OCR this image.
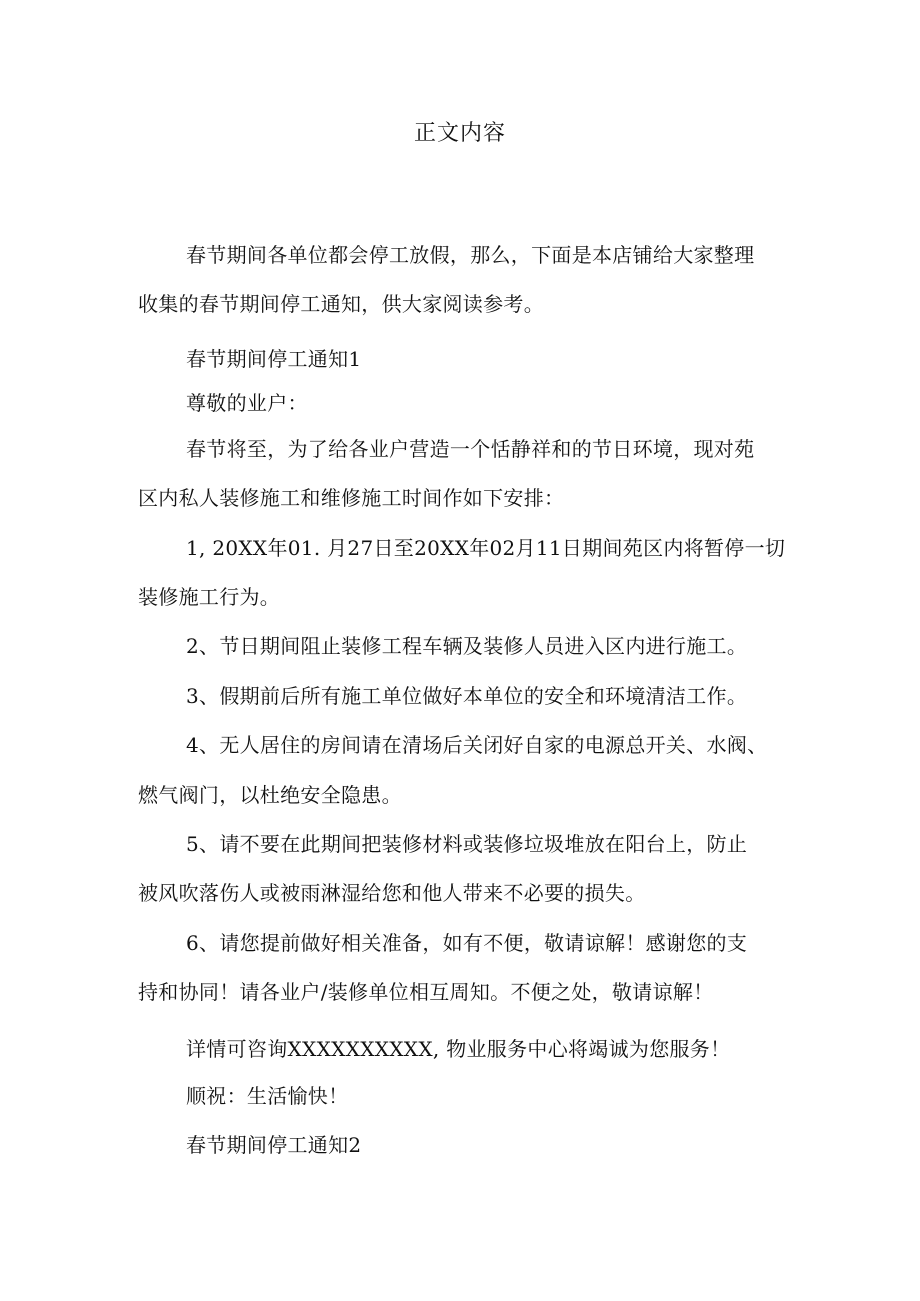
正文内容
春节期间各单位都会停工放假，那么，下面是本店铺给大家整理
收集的春节期间停工通知，供大家阅读参考。
春节期间停工通知1
尊敬的业户：
春节将至，为了给各业户营造一个恬静祥和的节日环境，现对苑
区内私人装修施工和维修施工时间作如下安排：
1, 20XX年01. 月27日至20XX年02月11日期间苑区内将暂停一切
装修施工行为。
2、节日期间阻止装修工程车辆及装修人员进入区内进行施工。
3、假期前后所有施工单位做好本单位的安全和环境清洁工作。
4、无人居住的房间请在清场后关闭好自家的电源总开关、水阀、
燃气阀门，以杜绝安全隐患。
5、请不要在此期间把装修材料或装修垃圾堆放在阳台上，防止
被风吹落伤人或被雨淋湿给您和他人带来不必要的损失。
6、请您提前做好相关准备，如有不便，敬请谅解！感谢您的支
持和协同！请各业户/装修单位相互周知。不便之处，敬请谅解！
详情可咨询XXXXXXXXXX, 物业服务中心将竭诚为您服务！
顺祝：生活愉快！
春节期间停工通知2
